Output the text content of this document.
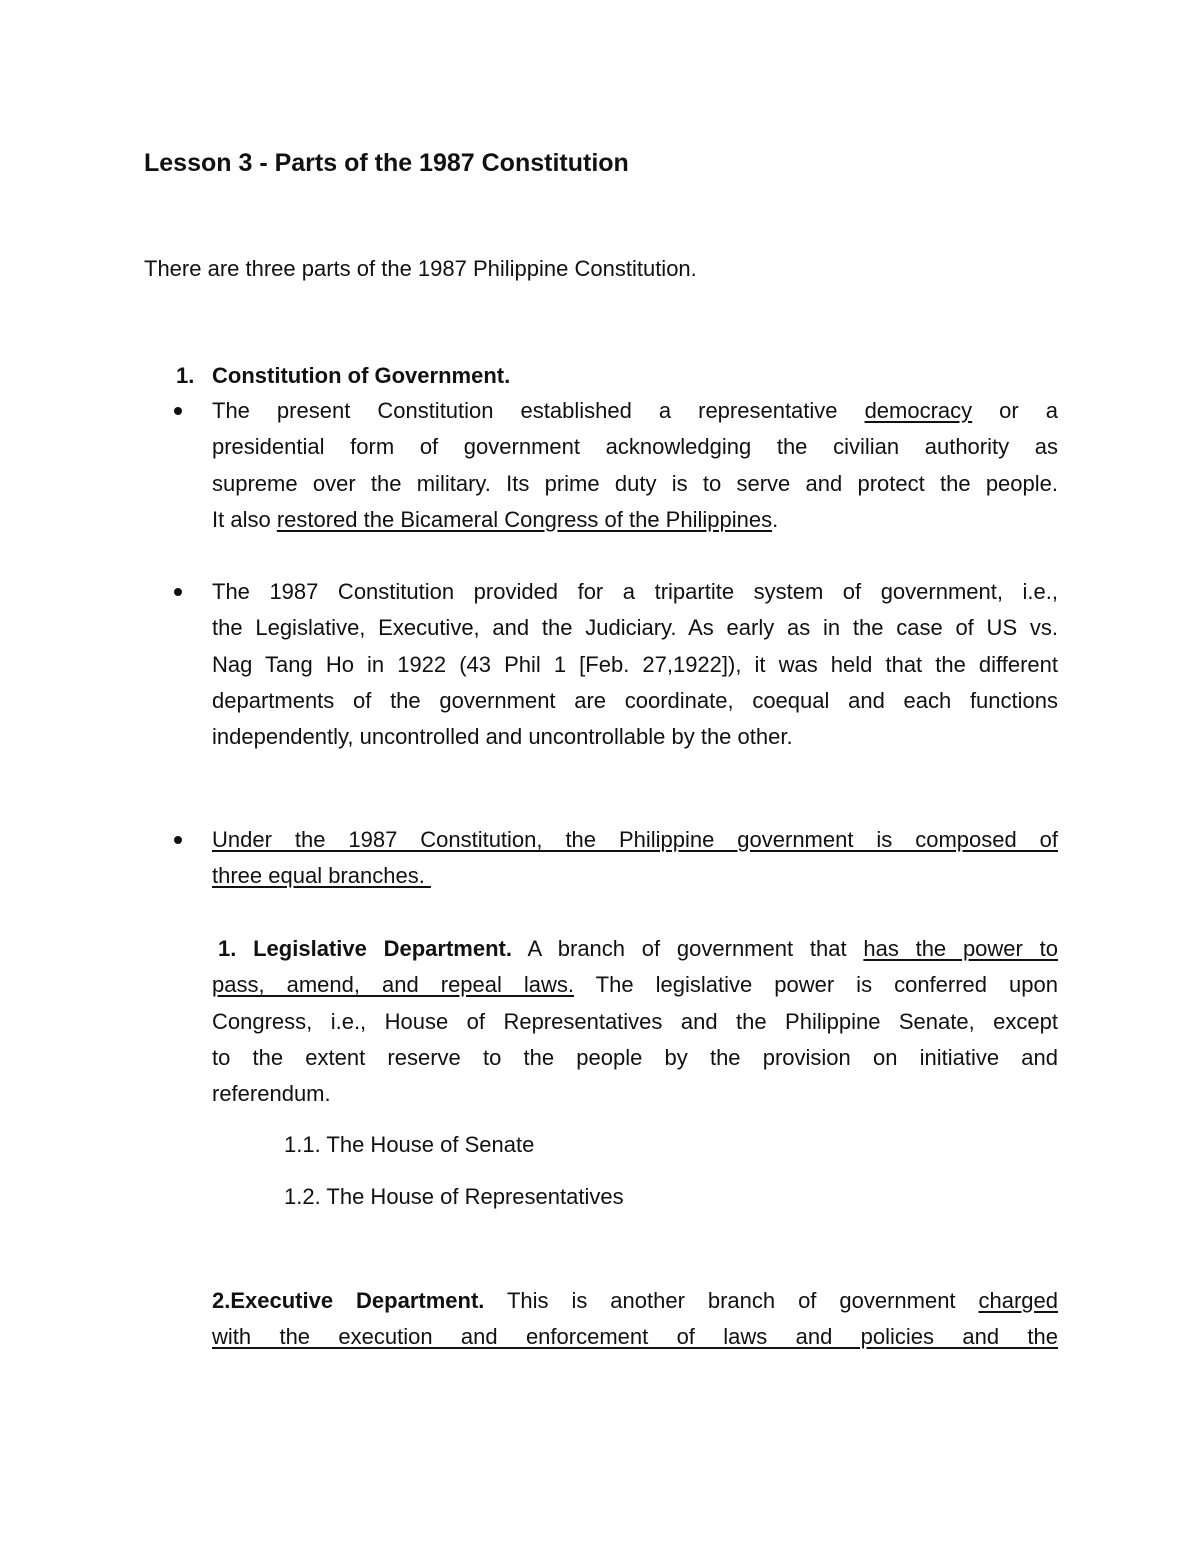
Lesson 3 - Parts of the 1987 Constitution

There are three parts of the 1987 Philippine Constitution.

1. Constitution of Government.
The present Constitution established a representative democracy or a
presidential form of government acknowledging the civilian authority as
supreme over the military. Its prime duty is to serve and protect the people.
It also restored the Bicameral Congress of the Philippines.
The 1987 Constitution provided for a tripartite system of government, i.e.,
the Legislative, Executive, and the Judiciary. As early as in the case of US vs.
Nag Tang Ho in 1922 (43 Phil 1 [Feb. 27,1922]), it was held that the different
departments of the government are coordinate, coequal and each functions
independently, uncontrolled and uncontrollable by the other.
Under the 1987 Constitution, the Philippine government is composed of
three equal branches.
1. Legislative Department. A branch of government that has the power to
pass, amend, and repeal laws. The legislative power is conferred upon
Congress, i.e., House of Representatives and the Philippine Senate, except
to the extent reserve to the people by the provision on initiative and
referendum.

1.1. The House of Senate

1.2. The House of Representatives

2.Executive Department. This is another branch of government charged
with the execution and enforcement of laws and policies and the
